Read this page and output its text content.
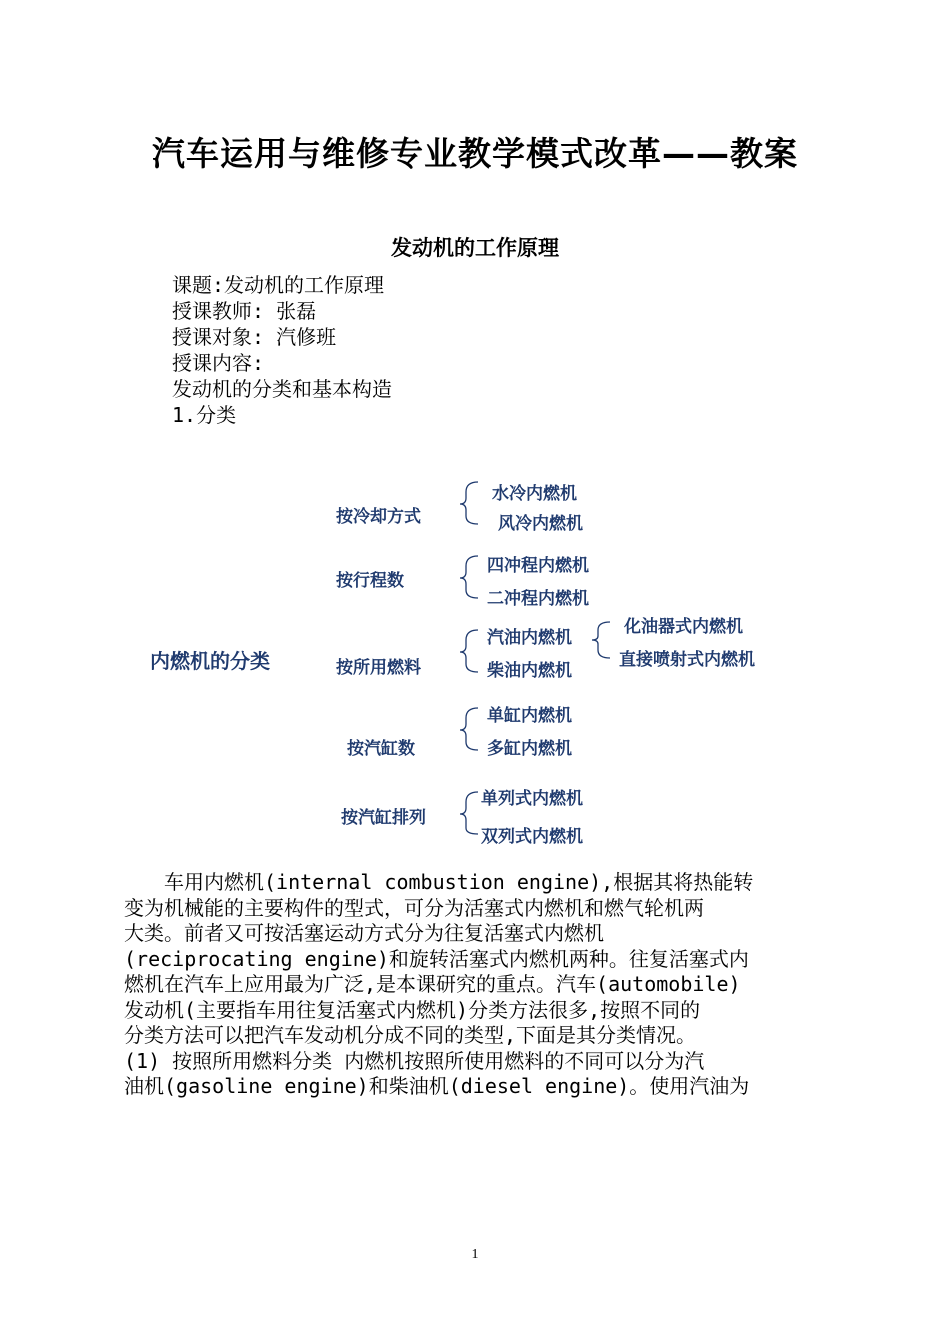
汽车运用与维修专业教学模式改革——教案
发动机的工作原理
课题:发动机的工作原理
授课教师: 张磊
授课对象: 汽修班
授课内容:
发动机的分类和基本构造
1.分类
内燃机的分类
按冷却方式
水冷内燃机
风冷内燃机
按行程数
四冲程内燃机
二冲程内燃机
按所用燃料
汽油内燃机
柴油内燃机
化油器式内燃机
直接喷射式内燃机
按汽缸数
单缸内燃机
多缸内燃机
按汽缸排列
单列式内燃机
双列式内燃机
　　车用内燃机(internal combustion engine),根据其将热能转
变为机械能的主要构件的型式，可分为活塞式内燃机和燃气轮机两
大类。前者又可按活塞运动方式分为往复活塞式内燃机
(reciprocating engine)和旋转活塞式内燃机两种。往复活塞式内
燃机在汽车上应用最为广泛,是本课研究的重点。汽车(automobile)
发动机(主要指车用往复活塞式内燃机)分类方法很多,按照不同的
分类方法可以把汽车发动机分成不同的类型,下面是其分类情况。
(1) 按照所用燃料分类 内燃机按照所使用燃料的不同可以分为汽
油机(gasoline engine)和柴油机(diesel engine)。使用汽油为
1
